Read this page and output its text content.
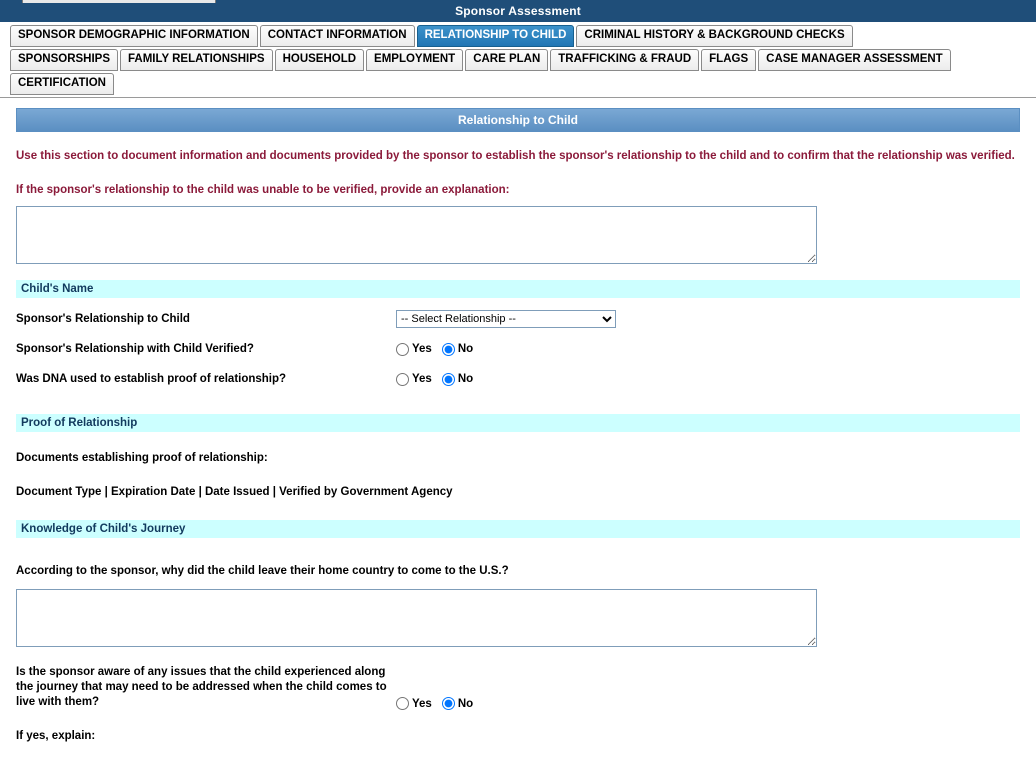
Sponsor Assessment
SPONSOR DEMOGRAPHIC INFORMATION	CONTACT INFORMATION	RELATIONSHIP TO CHILD	CRIMINAL HISTORY & BACKGROUND CHECKS
SPONSORSHIPS	FAMILY RELATIONSHIPS	HOUSEHOLD	EMPLOYMENT	CARE PLAN	TRAFFICKING & FRAUD	FLAGS	CASE MANAGER ASSESSMENT
CERTIFICATION
Relationship to Child
Use this section to document information and documents provided by the sponsor to establish the sponsor's relationship to the child and to confirm that the relationship was verified.
If the sponsor's relationship to the child was unable to be verified, provide an explanation:
Child's Name
Sponsor's Relationship to Child
-- Select Relationship --
Sponsor's Relationship with Child Verified?	Yes No
Was DNA used to establish proof of relationship?	Yes No
Proof of Relationship
Documents establishing proof of relationship:
Document Type | Expiration Date | Date Issued | Verified by Government Agency
Knowledge of Child's Journey
According to the sponsor, why did the child leave their home country to come to the U.S.?
Is the sponsor aware of any issues that the child experienced along the journey that may need to be addressed when the child comes to live with them?	Yes No
If yes, explain:
